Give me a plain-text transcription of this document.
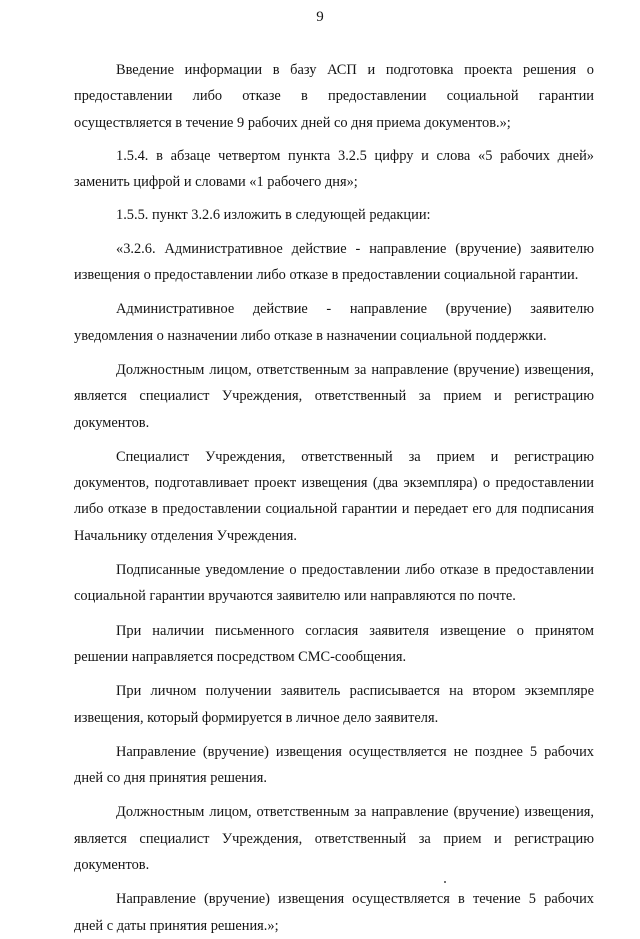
9

Введение информации в базу АСП и подготовка проекта решения о предоставлении либо отказе в предоставлении социальной гарантии осуществляется в течение 9 рабочих дней со дня приема документов.»;

1.5.4. в абзаце четвертом пункта 3.2.5 цифру и слова «5 рабочих дней» заменить цифрой и словами «1 рабочего дня»;

1.5.5. пункт 3.2.6 изложить в следующей редакции:

«3.2.6. Административное действие - направление (вручение) заявителю извещения о предоставлении либо отказе в предоставлении социальной гарантии.

Административное действие - направление (вручение) заявителю уведомления о назначении либо отказе в назначении социальной поддержки.

Должностным лицом, ответственным за направление (вручение) извещения, является специалист Учреждения, ответственный за прием и регистрацию документов.

Специалист Учреждения, ответственный за прием и регистрацию документов, подготавливает проект извещения (два экземпляра) о предоставлении либо отказе в предоставлении социальной гарантии и передает его для подписания Начальнику отделения Учреждения.

Подписанные уведомление о предоставлении либо отказе в предоставлении социальной гарантии вручаются заявителю или направляются по почте.

При наличии письменного согласия заявителя извещение о принятом решении направляется посредством СМС-сообщения.

При личном получении заявитель расписывается на втором экземпляре извещения, который формируется в личное дело заявителя.

Направление (вручение) извещения осуществляется не позднее 5 рабочих дней со дня принятия решения.

Должностным лицом, ответственным за направление (вручение) извещения, является специалист Учреждения, ответственный за прием и регистрацию документов.

Направление (вручение) извещения осуществляется в течение 5 рабочих дней с даты принятия решения.»;
